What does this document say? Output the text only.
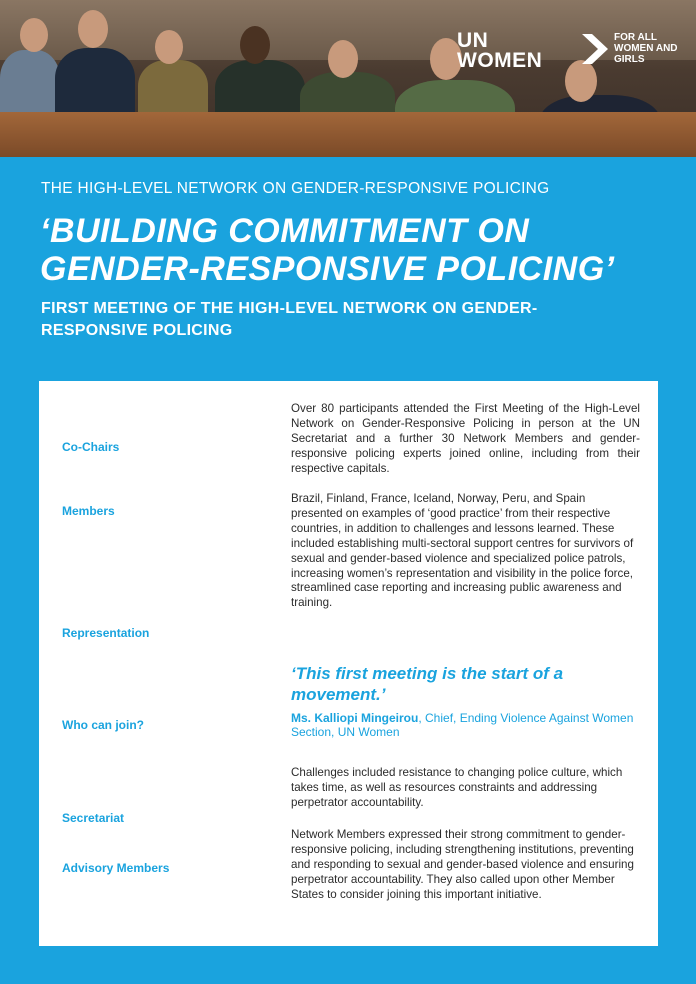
UN WOMEN
FOR ALL WOMEN AND GIRLS
THE HIGH-LEVEL NETWORK ON GENDER-RESPONSIVE POLICING
‘BUILDING COMMITMENT ON GENDER-RESPONSIVE POLICING’
FIRST MEETING OF THE HIGH-LEVEL NETWORK ON GENDER-RESPONSIVE POLICING
Co-Chairs
Members
Representation
Who can join?
Secretariat
Advisory Members

Over 80 participants attended the First Meeting of the High-Level Network on Gender-Responsive Policing in person at the UN Secretariat and a further 30 Network Members and gender-responsive policing experts joined online, including from their respective capitals.

Brazil, Finland, France, Iceland, Norway, Peru, and Spain presented on examples of ‘good practice’ from their respective countries, in addition to challenges and lessons learned. These included establishing multi-sectoral support centres for survivors of sexual and gender-based violence and specialized police patrols, increasing women’s representation and visibility in the police force, streamlined case reporting and increasing public awareness and training.

‘This first meeting is the start of a movement.’

Ms. Kalliopi Mingeirou, Chief, Ending Violence Against Women Section, UN Women

Challenges included resistance to changing police culture, which takes time, as well as resources constraints and addressing perpetrator accountability.

Network Members expressed their strong commitment to gender-responsive policing, including strengthening institutions, preventing and responding to sexual and gender-based violence and ensuring perpetrator accountability. They also called upon other Member States to consider joining this important initiative.
